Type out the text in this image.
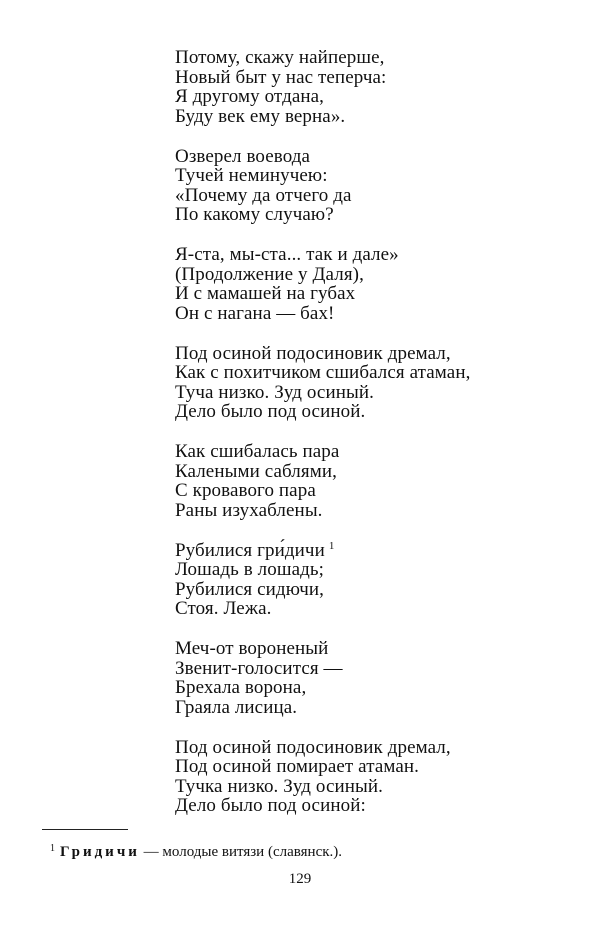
Потому, скажу найперше,
Новый быт у нас теперча:
Я другому отдана,
Буду век ему верна».
Озверел воевода
Тучей неминучею:
«Почему да отчего да
По какому случаю?
Я-ста, мы-ста... так и дале»
(Продолжение у Даля),
И с мамашей на губах
Он с нагана — бах!
Под осиной подосиновик дремал,
Как с похитчиком сшибался атаман,
Туча низко. Зуд осиный.
Дело было под осиной.
Как сшибалась пара
Калеными саблями,
С кровавого пара
Раны изухаблены.
Рубилися гри́дичи $^1$
Лошадь в лошадь;
Рубилися сидючи,
Стоя. Лежа.
Меч-от вороненый
Звенит-голосится —
Брехала ворона,
Граяла лисица.
Под осиной подосиновик дремал,
Под осиной помирает атаман.
Тучка низко. Зуд осиный.
Дело было под осиной:
$^1$ Гридичи — молодые витязи (славянск.).
129
